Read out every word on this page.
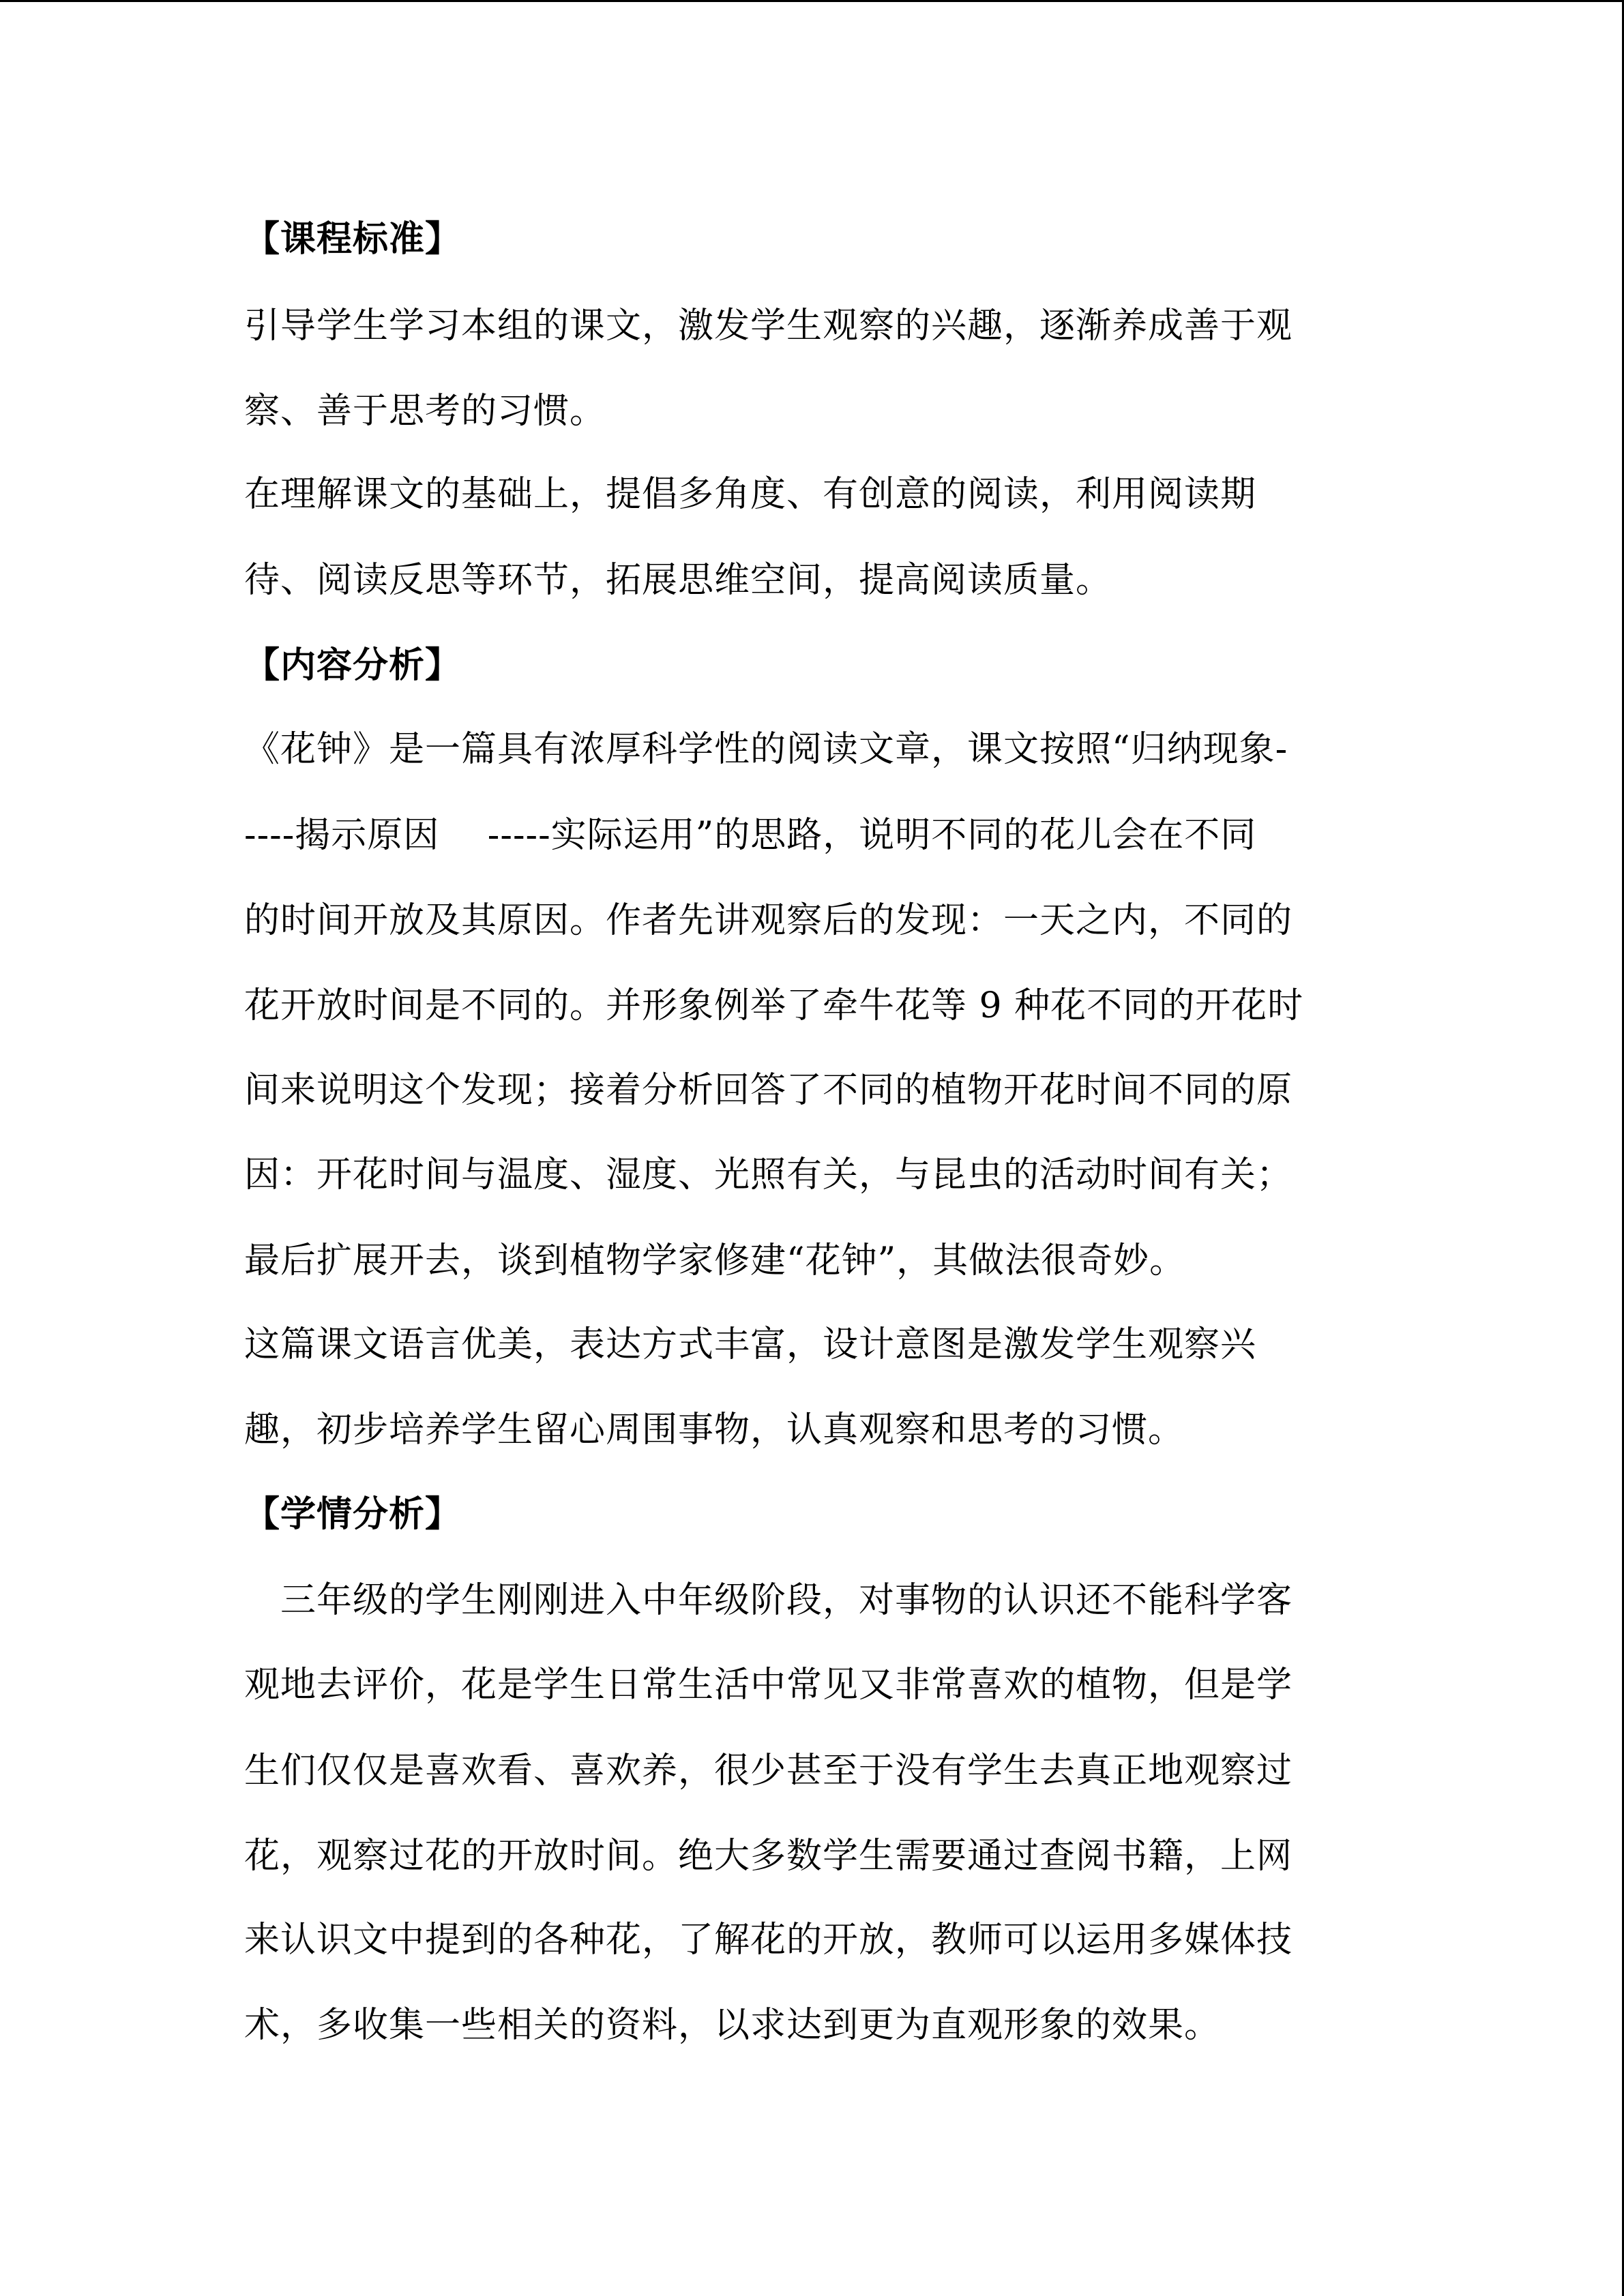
【课程标准】

引导学生学习本组的课文，激发学生观察的兴趣，逐渐养成善于观

察、善于思考的习惯。

在理解课文的基础上，提倡多角度、有创意的阅读，利用阅读期

待、阅读反思等环节，拓展思维空间，提高阅读质量。

【内容分析】

《花钟》是一篇具有浓厚科学性的阅读文章，课文按照“归纳现象-

----揭示原因　 -----实际运用”的思路，说明不同的花儿会在不同

的时间开放及其原因。作者先讲观察后的发现：一天之内，不同的

花开放时间是不同的。并形象例举了牵牛花等 9 种花不同的开花时

间来说明这个发现；接着分析回答了不同的植物开花时间不同的原

因：开花时间与温度、湿度、光照有关，与昆虫的活动时间有关；

最后扩展开去，谈到植物学家修建“花钟”，其做法很奇妙。

这篇课文语言优美，表达方式丰富，设计意图是激发学生观察兴

趣，初步培养学生留心周围事物，认真观察和思考的习惯。

【学情分析】

　三年级的学生刚刚进入中年级阶段，对事物的认识还不能科学客

观地去评价，花是学生日常生活中常见又非常喜欢的植物，但是学

生们仅仅是喜欢看、喜欢养，很少甚至于没有学生去真正地观察过

花，观察过花的开放时间。绝大多数学生需要通过查阅书籍，上网

来认识文中提到的各种花，了解花的开放，教师可以运用多媒体技

术，多收集一些相关的资料，以求达到更为直观形象的效果。
